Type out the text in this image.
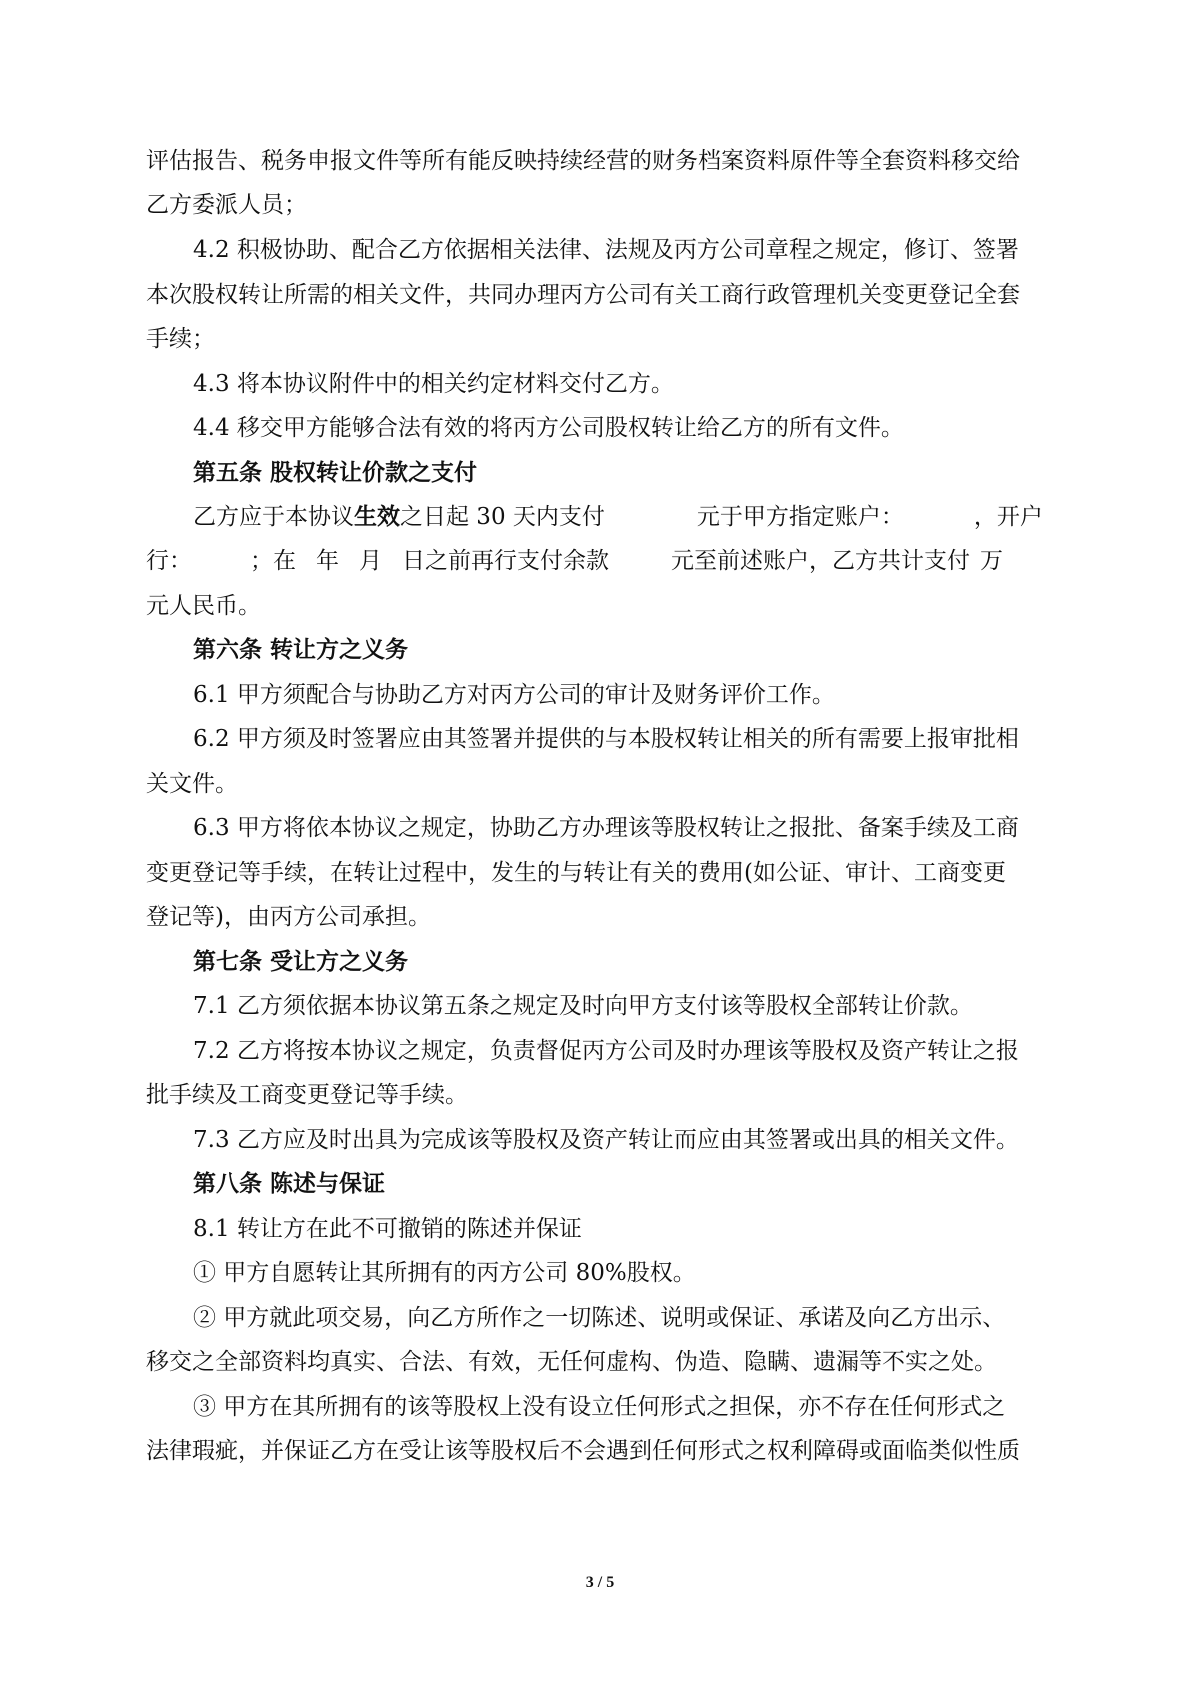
评估报告、税务申报文件等所有能反映持续经营的财务档案资料原件等全套资料移交给
乙方委派人员；
4.2 积极协助、配合乙方依据相关法律、法规及丙方公司章程之规定，修订、签署
本次股权转让所需的相关文件，共同办理丙方公司有关工商行政管理机关变更登记全套
手续；
4.3 将本协议附件中的相关约定材料交付乙方。
4.4 移交甲方能够合法有效的将丙方公司股权转让给乙方的所有文件。
第五条 股权转让价款之支付
乙方应于本协议生效之日起 30 天内支付	元于甲方指定账户：	，开户
行：	；在 年 月 日之前再行支付余款	元至前述账户，乙方共计支付 万
元人民币。
第六条 转让方之义务
6.1 甲方须配合与协助乙方对丙方公司的审计及财务评价工作。
6.2 甲方须及时签署应由其签署并提供的与本股权转让相关的所有需要上报审批相
关文件。
6.3 甲方将依本协议之规定，协助乙方办理该等股权转让之报批、备案手续及工商
变更登记等手续，在转让过程中，发生的与转让有关的费用(如公证、审计、工商变更
登记等)，由丙方公司承担。
第七条 受让方之义务
7.1 乙方须依据本协议第五条之规定及时向甲方支付该等股权全部转让价款。
7.2 乙方将按本协议之规定，负责督促丙方公司及时办理该等股权及资产转让之报
批手续及工商变更登记等手续。
7.3 乙方应及时出具为完成该等股权及资产转让而应由其签署或出具的相关文件。
第八条 陈述与保证
8.1 转让方在此不可撤销的陈述并保证
① 甲方自愿转让其所拥有的丙方公司 80%股权。
② 甲方就此项交易，向乙方所作之一切陈述、说明或保证、承诺及向乙方出示、
移交之全部资料均真实、合法、有效，无任何虚构、伪造、隐瞒、遗漏等不实之处。
③ 甲方在其所拥有的该等股权上没有设立任何形式之担保，亦不存在任何形式之
法律瑕疵，并保证乙方在受让该等股权后不会遇到任何形式之权利障碍或面临类似性质
3 / 5
